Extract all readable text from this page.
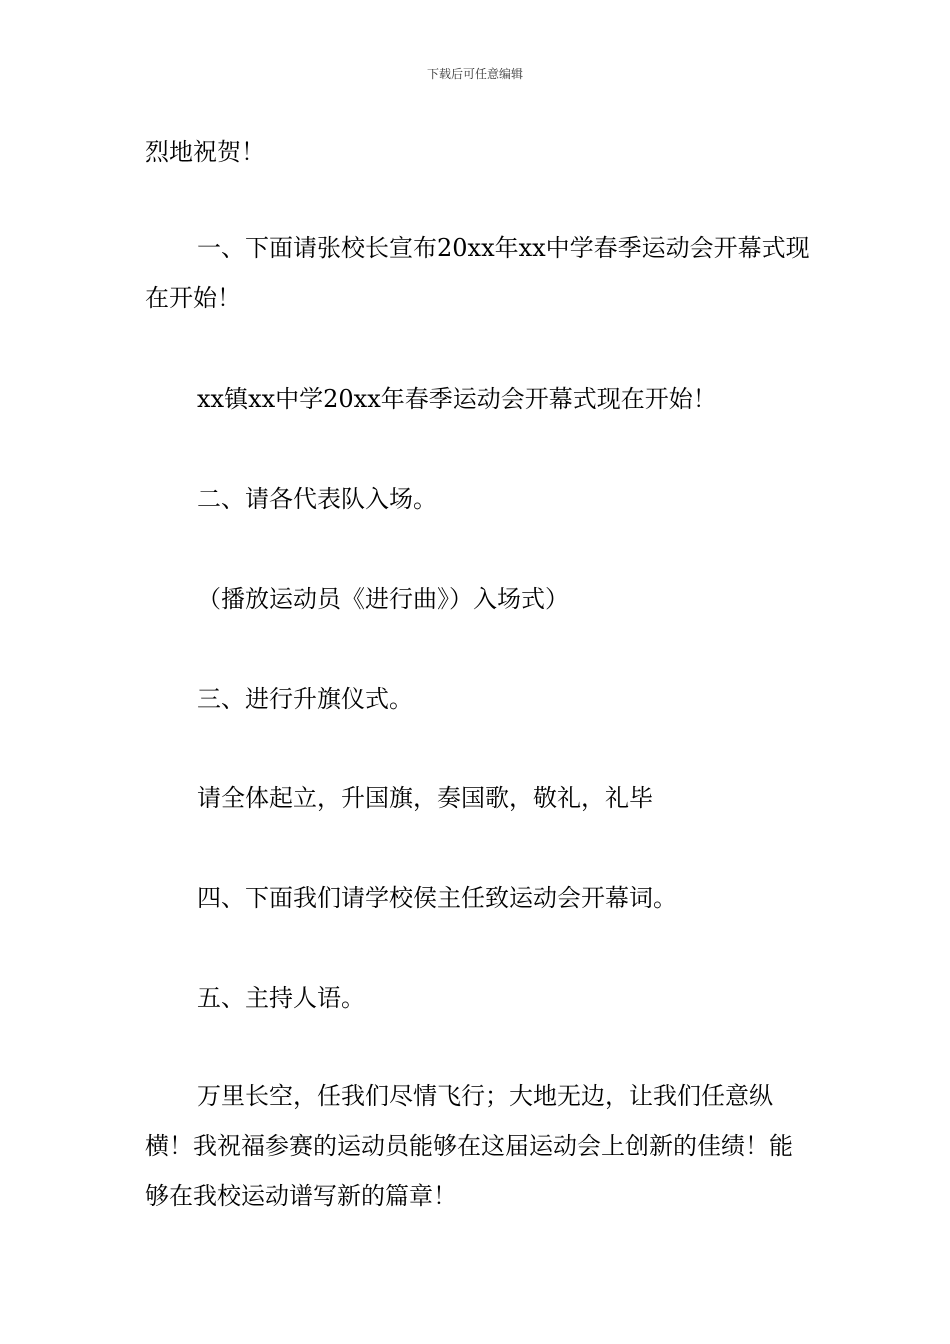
下载后可任意编辑

烈地祝贺！

一、下面请张校长宣布20xx年xx中学春季运动会开幕式现在开始！

xx镇xx中学20xx年春季运动会开幕式现在开始！

二、请各代表队入场。

（播放运动员《进行曲》）入场式）

三、进行升旗仪式。

请全体起立，升国旗，奏国歌，敬礼，礼毕

四、下面我们请学校侯主任致运动会开幕词。

五、主持人语。

万里长空，任我们尽情飞行；大地无边，让我们任意纵横！我祝福参赛的运动员能够在这届运动会上创新的佳绩！能够在我校运动谱写新的篇章！
